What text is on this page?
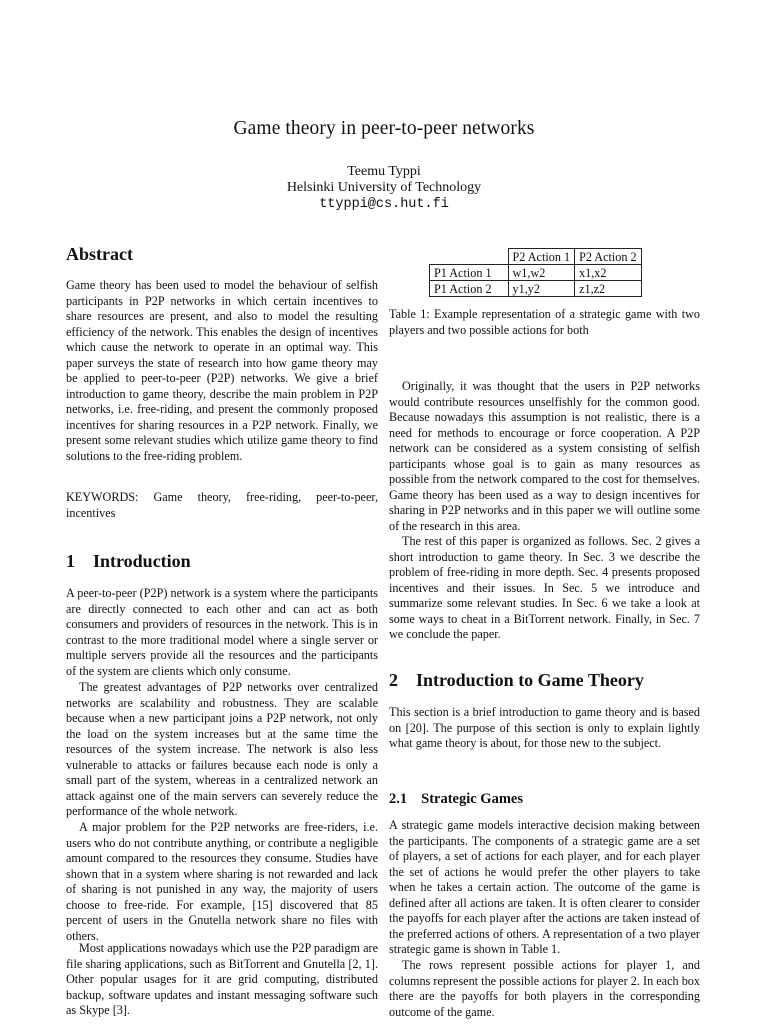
Game theory in peer-to-peer networks
Teemu Typpi
Helsinki University of Technology
ttyppi@cs.hut.fi
Abstract

Game theory has been used to model the behaviour of selfish participants in P2P networks in which certain incentives to share resources are present, and also to model the resulting efficiency of the network. This enables the design of incentives which cause the network to operate in an optimal way. This paper surveys the state of research into how game theory may be applied to peer-to-peer (P2P) networks. We give a brief introduction to game theory, describe the main problem in P2P networks, i.e. free-riding, and present the commonly proposed incentives for sharing resources in a P2P network. Finally, we present some relevant studies which utilize game theory to find solutions to the free-riding problem.

KEYWORDS: Game theory, free-riding, peer-to-peer, incentives

1 Introduction

A peer-to-peer (P2P) network is a system where the participants are directly connected to each other and can act as both consumers and providers of resources in the network. This is in contrast to the more traditional model where a single server or multiple servers provide all the resources and the participants of the system are clients which only consume.

The greatest advantages of P2P networks over centralized networks are scalability and robustness. They are scalable because when a new participant joins a P2P network, not only the load on the system increases but at the same time the resources of the system increase. The network is also less vulnerable to attacks or failures because each node is only a small part of the system, whereas in a centralized network an attack against one of the main servers can severely reduce the performance of the whole network.

A major problem for the P2P networks are free-riders, i.e. users who do not contribute anything, or contribute a negligible amount compared to the resources they consume. Studies have shown that in a system where sharing is not rewarded and lack of sharing is not punished in any way, the majority of users choose to free-ride. For example, [15] discovered that 85 percent of users in the Gnutella network share no files with others.

Most applications nowadays which use the P2P paradigm are file sharing applications, such as BitTorrent and Gnutella [2, 1]. Other popular usages for it are grid computing, distributed backup, software updates and instant messaging software such as Skype [3].

	P2 Action 1	P2 Action 2
P1 Action 1	w1,w2	x1,x2
P1 Action 2	y1,y2	z1,z2

Table 1: Example representation of a strategic game with two players and two possible actions for both

Originally, it was thought that the users in P2P networks would contribute resources unselfishly for the common good. Because nowadays this assumption is not realistic, there is a need for methods to encourage or force cooperation. A P2P network can be considered as a system consisting of selfish participants whose goal is to gain as many resources as possible from the network compared to the cost for themselves. Game theory has been used as a way to design incentives for sharing in P2P networks and in this paper we will outline some of the research in this area.

The rest of this paper is organized as follows. Sec. 2 gives a short introduction to game theory. In Sec. 3 we describe the problem of free-riding in more depth. Sec. 4 presents proposed incentives and their issues. In Sec. 5 we introduce and summarize some relevant studies. In Sec. 6 we take a look at some ways to cheat in a BitTorrent network. Finally, in Sec. 7 we conclude the paper.

2 Introduction to Game Theory

This section is a brief introduction to game theory and is based on [20]. The purpose of this section is only to explain lightly what game theory is about, for those new to the subject.

2.1 Strategic Games

A strategic game models interactive decision making between the participants. The components of a strategic game are a set of players, a set of actions for each player, and for each player the set of actions he would prefer the other players to take when he takes a certain action. The outcome of the game is defined after all actions are taken. It is often clearer to consider the payoffs for each player after the actions are taken instead of the preferred actions of others. A representation of a two player strategic game is shown in Table 1.

The rows represent possible actions for player 1, and columns represent the possible actions for player 2. In each box there are the payoffs for both players in the corresponding outcome of the game.
